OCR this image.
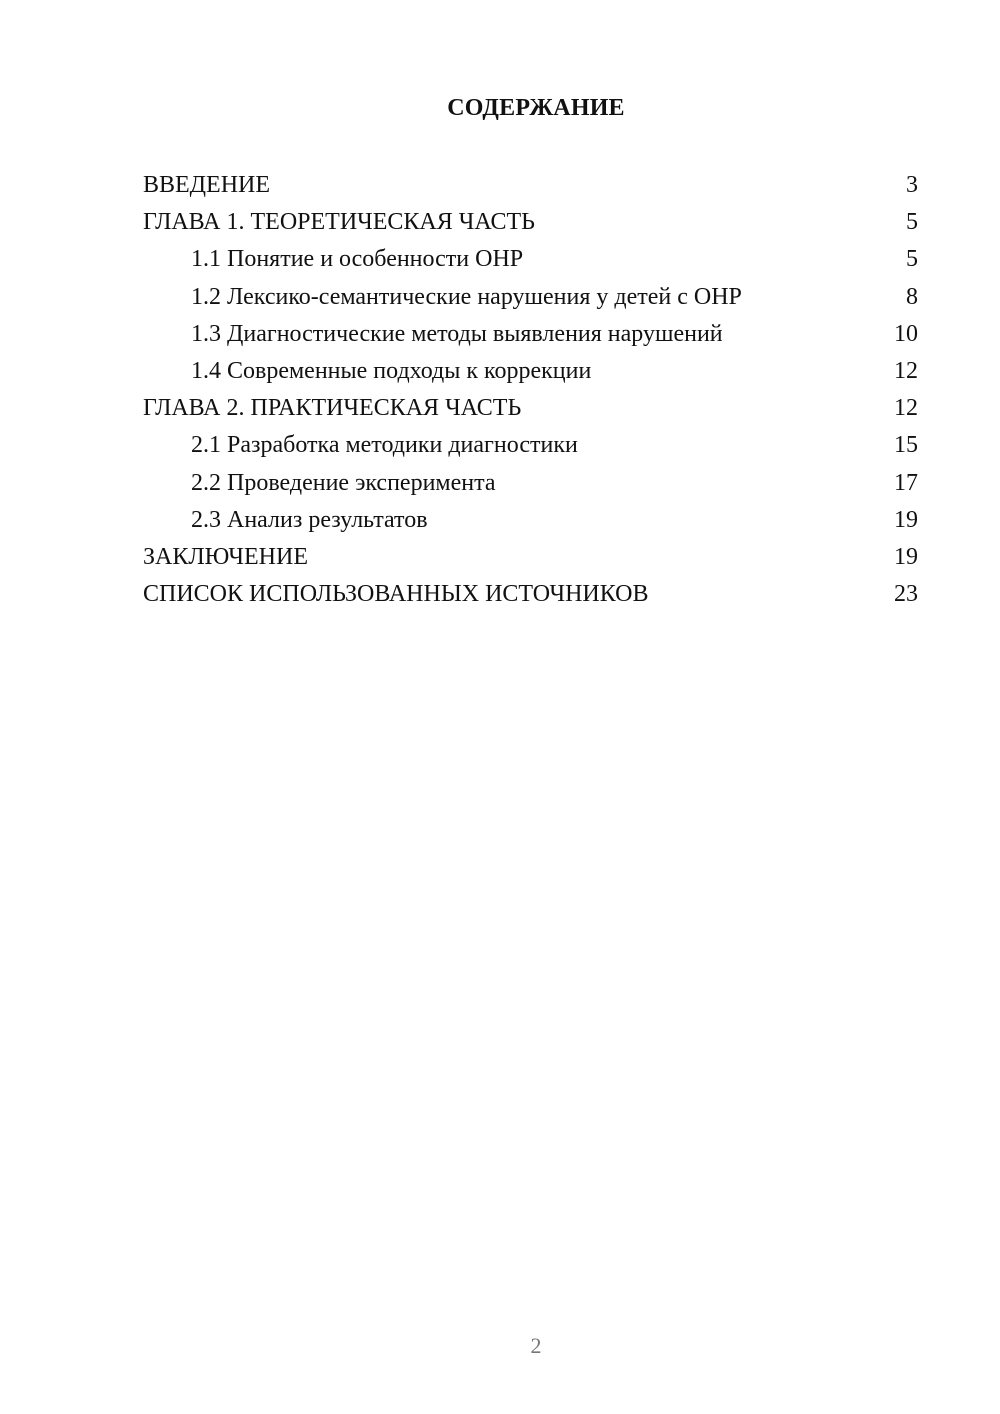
СОДЕРЖАНИЕ
ВВЕДЕНИЕ	3
ГЛАВА 1. ТЕОРЕТИЧЕСКАЯ ЧАСТЬ	5
1.1 Понятие и особенности ОНР	5
1.2 Лексико-семантические нарушения у детей с ОНР	8
1.3 Диагностические методы выявления нарушений	10
1.4 Современные подходы к коррекции	12
ГЛАВА 2. ПРАКТИЧЕСКАЯ ЧАСТЬ	12
2.1 Разработка методики диагностики	15
2.2 Проведение эксперимента	17
2.3 Анализ результатов	19
ЗАКЛЮЧЕНИЕ	19
СПИСОК ИСПОЛЬЗОВАННЫХ ИСТОЧНИКОВ	23
2
